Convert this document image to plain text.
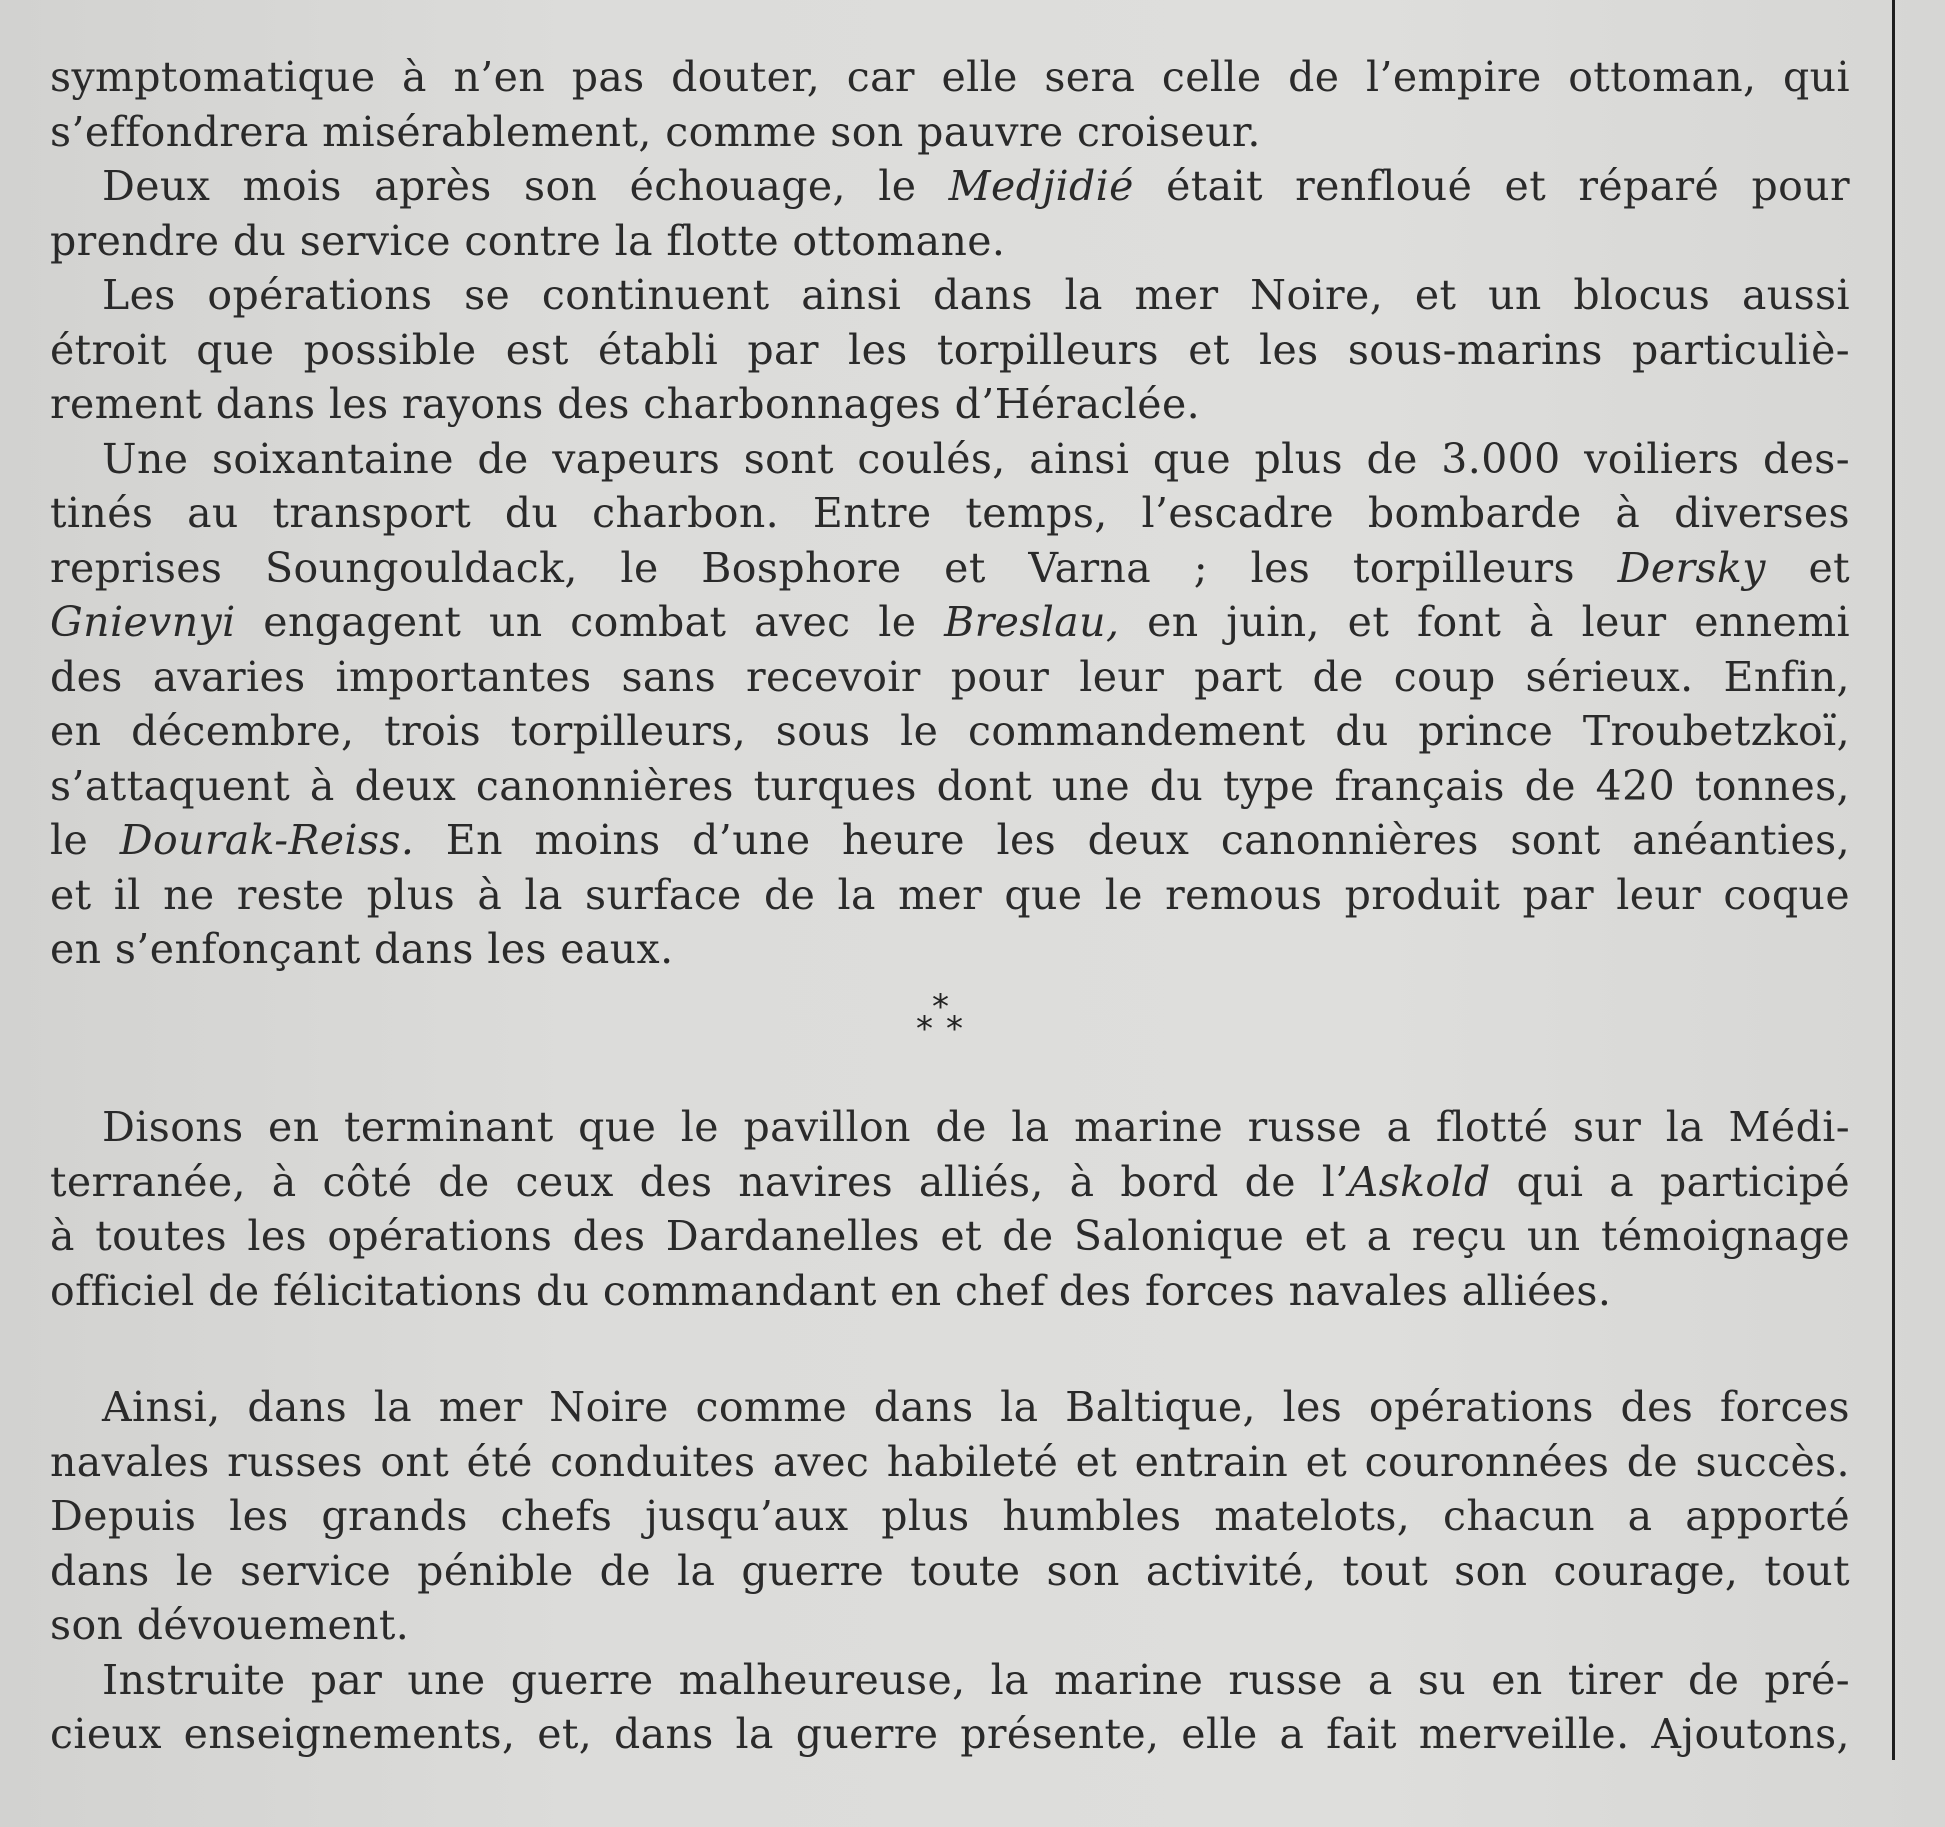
symptomatique à n’en pas douter, car elle sera celle de l’empire ottoman, qui
s’effondrera misérablement, comme son pauvre croiseur.
Deux mois après son échouage, le Medjidié était renfloué et réparé pour
prendre du service contre la flotte ottomane.
Les opérations se continuent ainsi dans la mer Noire, et un blocus aussi
étroit que possible est établi par les torpilleurs et les sous-marins particuliè-
rement dans les rayons des charbonnages d’Héraclée.
Une soixantaine de vapeurs sont coulés, ainsi que plus de 3.000 voiliers des-
tinés au transport du charbon. Entre temps, l’escadre bombarde à diverses
reprises Soungouldack, le Bosphore et Varna ; les torpilleurs Dersky et
Gnievnyi engagent un combat avec le Breslau, en juin, et font à leur ennemi
des avaries importantes sans recevoir pour leur part de coup sérieux. Enfin,
en décembre, trois torpilleurs, sous le commandement du prince Troubetzkoï,
s’attaquent à deux canonnières turques dont une du type français de 420 tonnes,
le Dourak-Reiss. En moins d’une heure les deux canonnières sont anéanties,
et il ne reste plus à la surface de la mer que le remous produit par leur coque
en s’enfonçant dans les eaux.
*
* *
Disons en terminant que le pavillon de la marine russe a flotté sur la Médi-
terranée, à côté de ceux des navires alliés, à bord de l’Askold qui a participé
à toutes les opérations des Dardanelles et de Salonique et a reçu un témoignage
officiel de félicitations du commandant en chef des forces navales alliées.
Ainsi, dans la mer Noire comme dans la Baltique, les opérations des forces
navales russes ont été conduites avec habileté et entrain et couronnées de succès.
Depuis les grands chefs jusqu’aux plus humbles matelots, chacun a apporté
dans le service pénible de la guerre toute son activité, tout son courage, tout
son dévouement.
Instruite par une guerre malheureuse, la marine russe a su en tirer de pré-
cieux enseignements, et, dans la guerre présente, elle a fait merveille. Ajoutons,
